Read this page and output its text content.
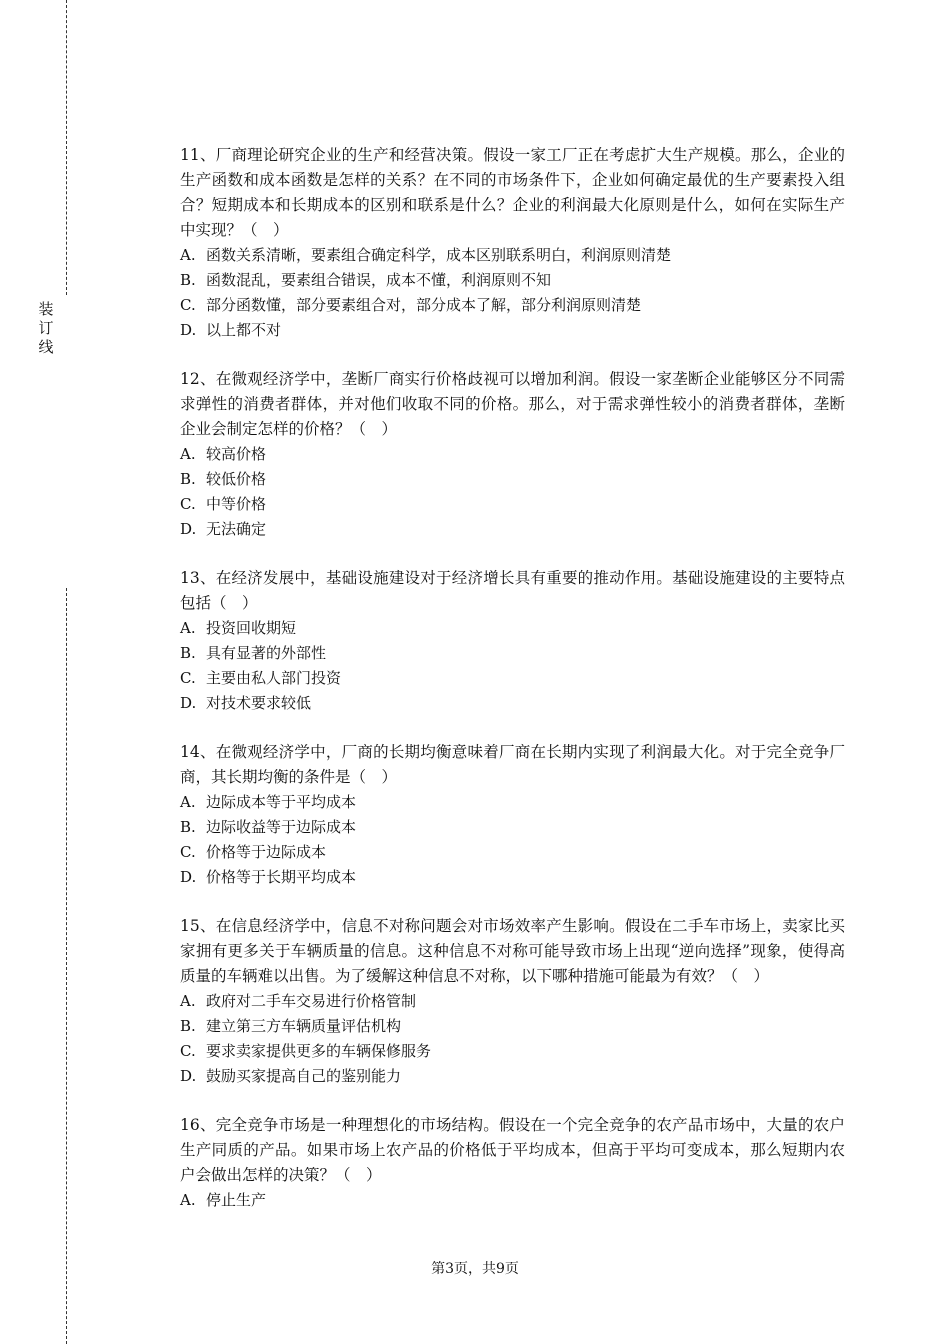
装
订
线

11、厂商理论研究企业的生产和经营决策。假设一家工厂正在考虑扩大生产规模。那么，企业的生产函数和成本函数是怎样的关系？在不同的市场条件下，企业如何确定最优的生产要素投入组合？短期成本和长期成本的区别和联系是什么？企业的利润最大化原则是什么，如何在实际生产中实现？（　）

A. 函数关系清晰，要素组合确定科学，成本区别联系明白，利润原则清楚

B. 函数混乱，要素组合错误，成本不懂，利润原则不知

C. 部分函数懂，部分要素组合对，部分成本了解，部分利润原则清楚

D. 以上都不对

12、在微观经济学中，垄断厂商实行价格歧视可以增加利润。假设一家垄断企业能够区分不同需求弹性的消费者群体，并对他们收取不同的价格。那么，对于需求弹性较小的消费者群体，垄断企业会制定怎样的价格？（　）

A. 较高价格

B. 较低价格

C. 中等价格

D. 无法确定

13、在经济发展中，基础设施建设对于经济增长具有重要的推动作用。基础设施建设的主要特点包括（　）

A. 投资回收期短

B. 具有显著的外部性

C. 主要由私人部门投资

D. 对技术要求较低

14、在微观经济学中，厂商的长期均衡意味着厂商在长期内实现了利润最大化。对于完全竞争厂商，其长期均衡的条件是（　）

A. 边际成本等于平均成本

B. 边际收益等于边际成本

C. 价格等于边际成本

D. 价格等于长期平均成本

15、在信息经济学中，信息不对称问题会对市场效率产生影响。假设在二手车市场上，卖家比买家拥有更多关于车辆质量的信息。这种信息不对称可能导致市场上出现“逆向选择”现象，使得高质量的车辆难以出售。为了缓解这种信息不对称，以下哪种措施可能最为有效？（　）

A. 政府对二手车交易进行价格管制

B. 建立第三方车辆质量评估机构

C. 要求卖家提供更多的车辆保修服务

D. 鼓励买家提高自己的鉴别能力

16、完全竞争市场是一种理想化的市场结构。假设在一个完全竞争的农产品市场中，大量的农户生产同质的产品。如果市场上农产品的价格低于平均成本，但高于平均可变成本，那么短期内农户会做出怎样的决策？（　）

A. 停止生产

第3页，共9页
